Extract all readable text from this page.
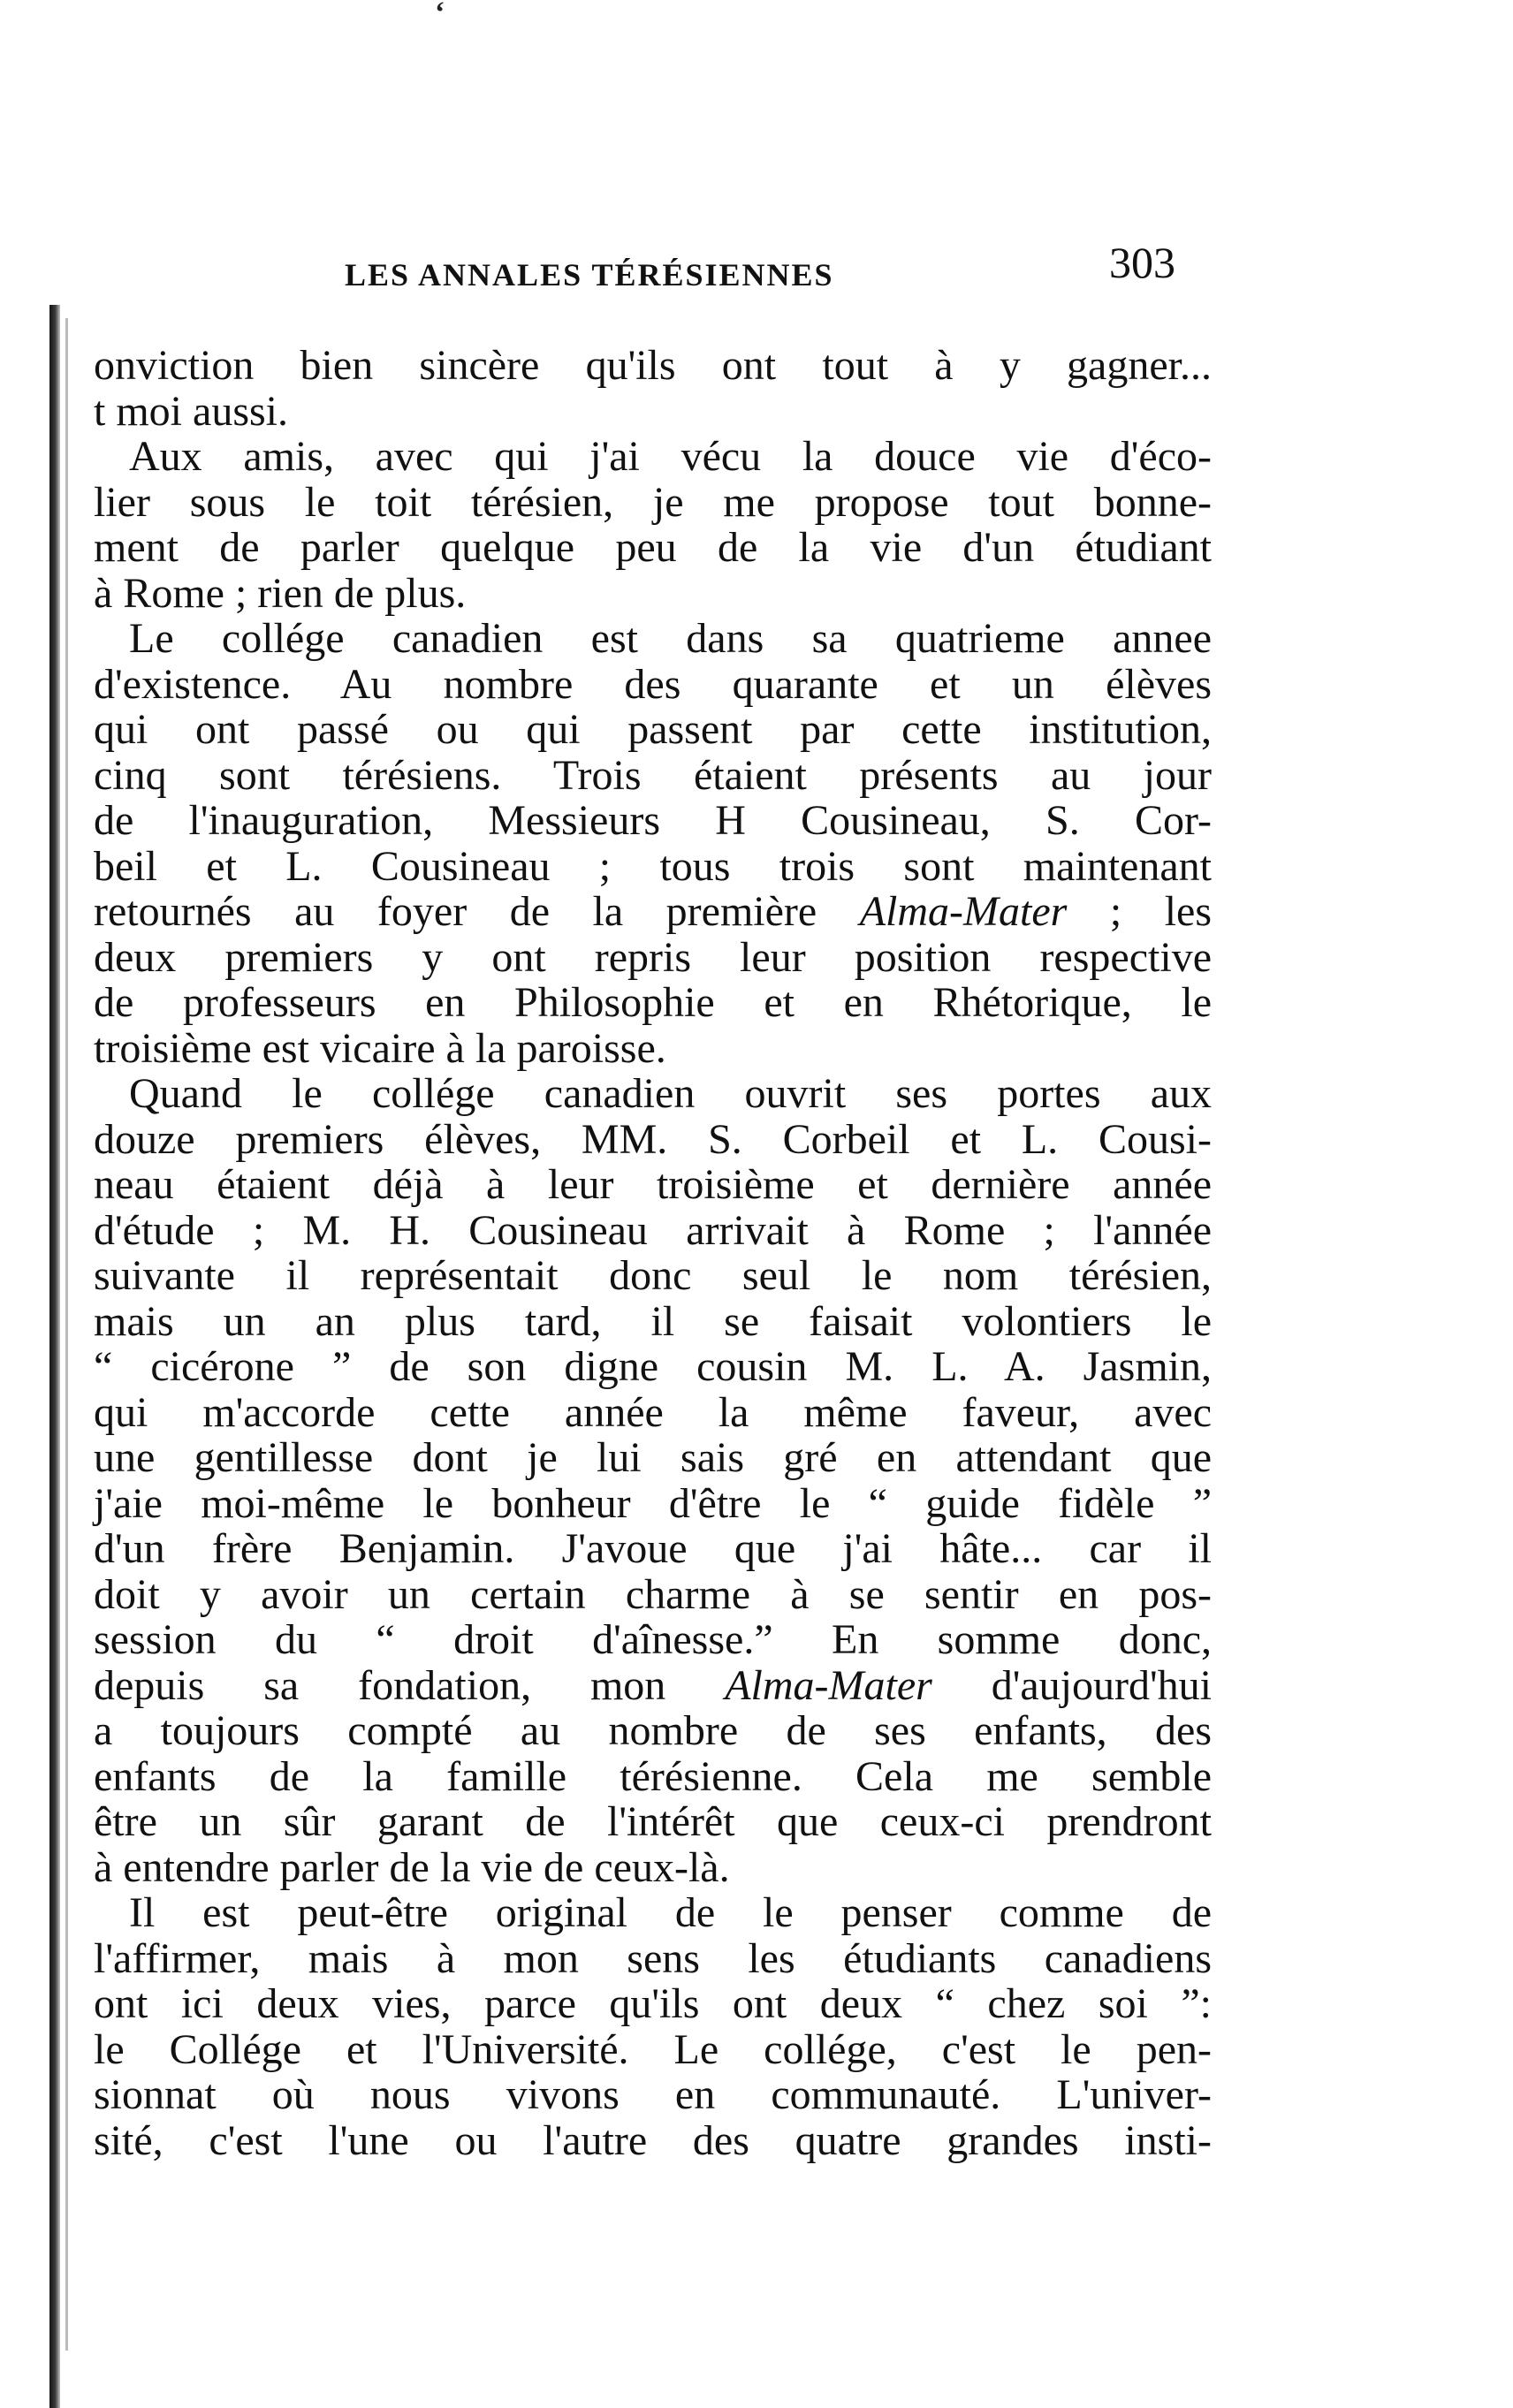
ʻ
LES ANNALES TÉRÉSIENNES	303
onviction bien sincère qu'ils ont tout à y gagner...
t moi aussi.
Aux amis, avec qui j'ai vécu la douce vie d'éco-
lier sous le toit térésien, je me propose tout bonne-
ment de parler quelque peu de la vie d'un étudiant
à Rome ; rien de plus.
Le collége canadien est dans sa quatrieme annee
d'existence. Au nombre des quarante et un élèves
qui ont passé ou qui passent par cette institution,
cinq sont térésiens. Trois étaient présents au jour
de l'inauguration, Messieurs H Cousineau, S. Cor-
beil et L. Cousineau ; tous trois sont maintenant
retournés au foyer de la première Alma-Mater ; les
deux premiers y ont repris leur position respective
de professeurs en Philosophie et en Rhétorique, le
troisième est vicaire à la paroisse.
Quand le collége canadien ouvrit ses portes aux
douze premiers élèves, MM. S. Corbeil et L. Cousi-
neau étaient déjà à leur troisième et dernière année
d'étude ; M. H. Cousineau arrivait à Rome ; l'année
suivante il représentait donc seul le nom térésien,
mais un an plus tard, il se faisait volontiers le
“ cicérone ” de son digne cousin M. L. A. Jasmin,
qui m'accorde cette année la même faveur, avec
une gentillesse dont je lui sais gré en attendant que
j'aie moi-même le bonheur d'être le “ guide fidèle ”
d'un frère Benjamin. J'avoue que j'ai hâte... car il
doit y avoir un certain charme à se sentir en pos-
session du “ droit d'aînesse.” En somme donc,
depuis sa fondation, mon Alma-Mater d'aujourd'hui
a toujours compté au nombre de ses enfants, des
enfants de la famille térésienne. Cela me semble
être un sûr garant de l'intérêt que ceux-ci prendront
à entendre parler de la vie de ceux-là.
Il est peut-être original de le penser comme de
l'affirmer, mais à mon sens les étudiants canadiens
ont ici deux vies, parce qu'ils ont deux “ chez soi ”:
le Collége et l'Université. Le collége, c'est le pen-
sionnat où nous vivons en communauté. L'univer-
sité, c'est l'une ou l'autre des quatre grandes insti-
